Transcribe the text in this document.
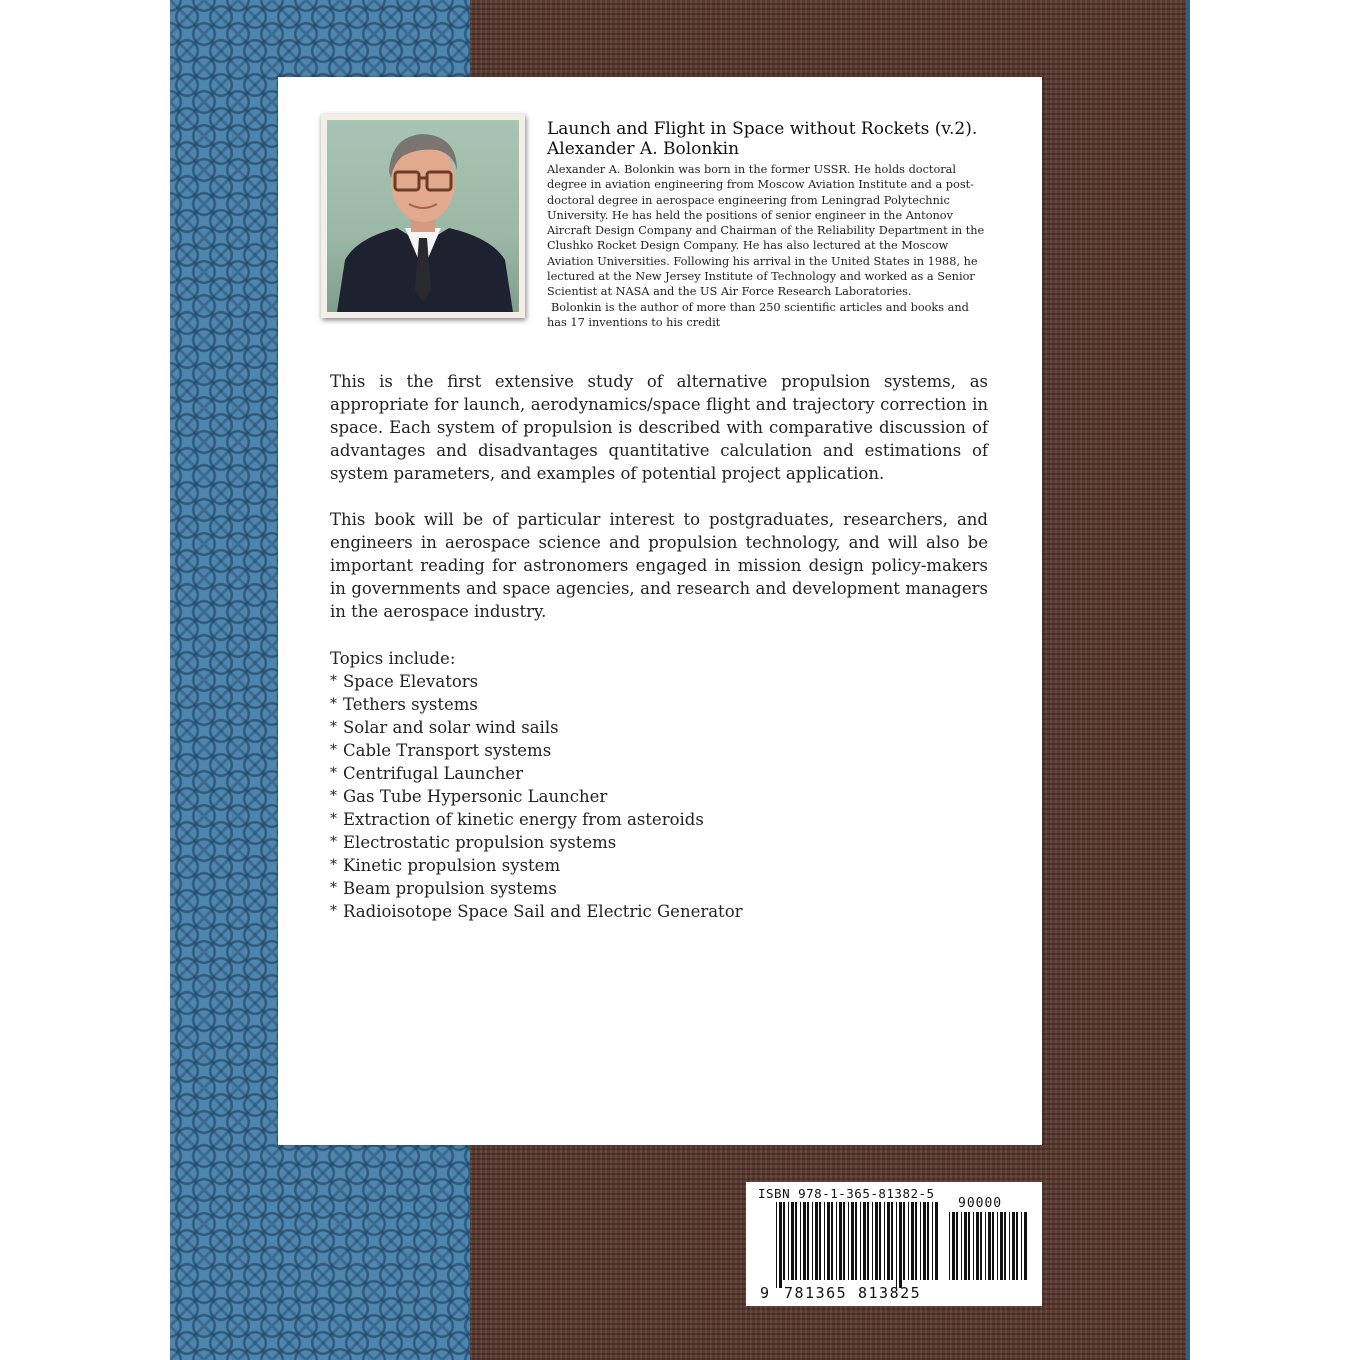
Launch and Flight in Space without Rockets (v.2).
Alexander A. Bolonkin

Alexander A. Bolonkin was born in the former USSR. He holds doctoral degree in aviation engineering from Moscow Aviation Institute and a post-doctoral degree in aerospace engineering from Leningrad Polytechnic University. He has held the positions of senior engineer in the Antonov Aircraft Design Company and Chairman of the Reliability Department in the Clushko Rocket Design Company. He has also lectured at the Moscow Aviation Universities. Following his arrival in the United States in 1988, he lectured at the New Jersey Institute of Technology and worked as a Senior Scientist at NASA and the US Air Force Research Laboratories.

Bolonkin is the author of more than 250 scientific articles and books and has 17 inventions to his credit

This is the first extensive study of alternative propulsion systems, as appropriate for launch, aerodynamics/space flight and trajectory correction in space. Each system of propulsion is described with comparative discussion of advantages and disadvantages quantitative calculation and estimations of system parameters, and examples of potential project application.

This book will be of particular interest to postgraduates, researchers, and engineers in aerospace science and propulsion technology, and will also be important reading for astronomers engaged in mission design policy-makers in governments and space agencies, and research and development managers in the aerospace industry.

Topics include:
* Space Elevators
* Tethers systems
* Solar and solar wind sails
* Cable Transport systems
* Centrifugal Launcher
* Gas Tube Hypersonic Launcher
* Extraction of kinetic energy from asteroids
* Electrostatic propulsion systems
* Kinetic propulsion system
* Beam propulsion systems
* Radioisotope Space Sail and Electric Generator
ISBN 978-1-365-81382-5
90000
9 781365 813825
